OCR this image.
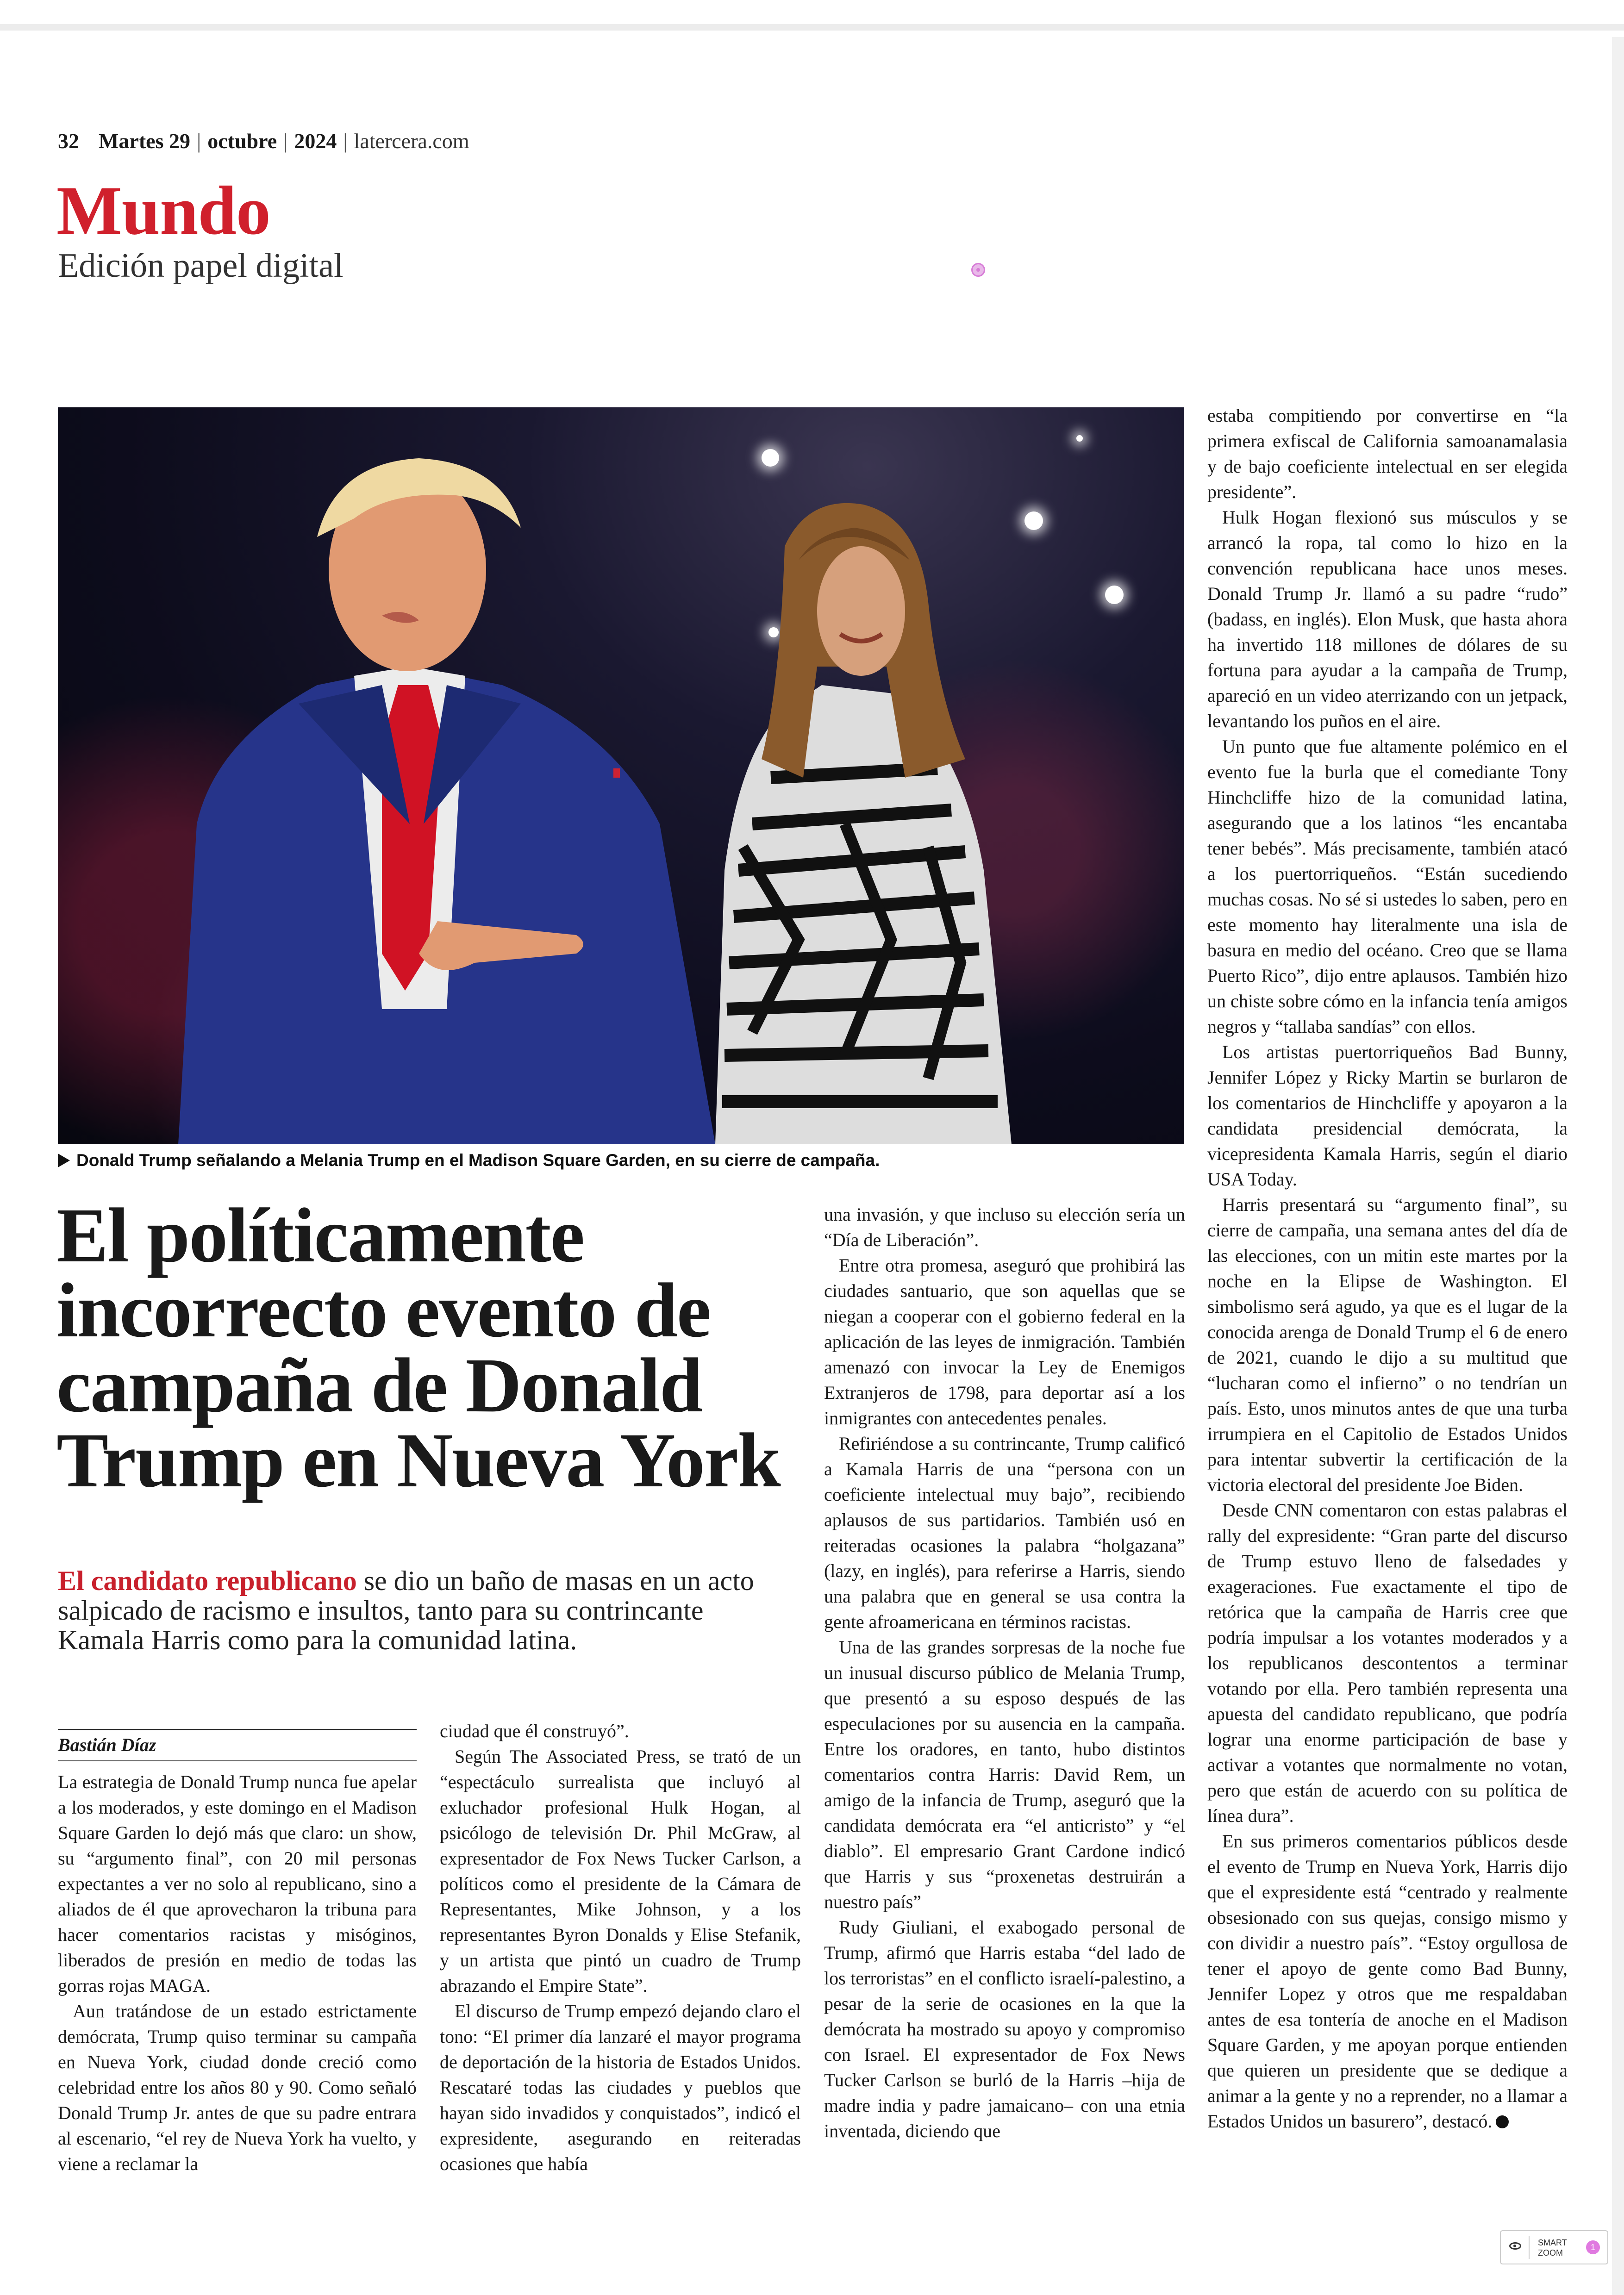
32 Martes 29 | octubre | 2024 | latercera.com
Mundo
Edición papel digital
Donald Trump señalando a Melania Trump en el Madison Square Garden, en su cierre de campaña.
El políticamente incorrecto evento de campaña de Donald Trump en Nueva York

El candidato republicano se dio un baño de masas en un acto salpicado de racismo e insultos, tanto para su contrincante Kamala Harris como para la comunidad latina.

Bastián Díaz

La estrategia de Donald Trump nunca fue apelar a los moderados, y este domingo en el Madison Square Garden lo dejó más que claro: un show, su “argumento final”, con 20 mil personas expectantes a ver no solo al republicano, sino a aliados de él que aprovecharon la tribuna para hacer comentarios racistas y misóginos, liberados de presión en medio de todas las gorras rojas MAGA.

Aun tratándose de un estado estrictamente demócrata, Trump quiso terminar su campaña en Nueva York, ciudad donde creció como celebridad entre los años 80 y 90. Como señaló Donald Trump Jr. antes de que su padre entrara al escenario, “el rey de Nueva York ha vuelto, y viene a reclamar la

ciudad que él construyó”.

Según The Associated Press, se trató de un “espectáculo surrealista que incluyó al exluchador profesional Hulk Hogan, al psicólogo de televisión Dr. Phil McGraw, al expresentador de Fox News Tucker Carlson, a políticos como el presidente de la Cámara de Representantes, Mike Johnson, y a los representantes Byron Donalds y Elise Stefanik, y un artista que pintó un cuadro de Trump abrazando el Empire State”.

El discurso de Trump empezó dejando claro el tono: “El primer día lanzaré el mayor programa de deportación de la historia de Estados Unidos. Rescataré todas las ciudades y pueblos que hayan sido invadidos y conquistados”, indicó el expresidente, asegurando en reiteradas ocasiones que había

una invasión, y que incluso su elección sería un “Día de Liberación”.

Entre otra promesa, aseguró que prohibirá las ciudades santuario, que son aquellas que se niegan a cooperar con el gobierno federal en la aplicación de las leyes de inmigración. También amenazó con invocar la Ley de Enemigos Extranjeros de 1798, para deportar así a los inmigrantes con antecedentes penales.

Refiriéndose a su contrincante, Trump calificó a Kamala Harris de una “persona con un coeficiente intelectual muy bajo”, recibiendo aplausos de sus partidarios. También usó en reiteradas ocasiones la palabra “holgazana” (lazy, en inglés), para referirse a Harris, siendo una palabra que en general se usa contra la gente afroamericana en términos racistas.

Una de las grandes sorpresas de la noche fue un inusual discurso público de Melania Trump, que presentó a su esposo después de las especulaciones por su ausencia en la campaña. Entre los oradores, en tanto, hubo distintos comentarios contra Harris: David Rem, un amigo de la infancia de Trump, aseguró que la candidata demócrata era “el anticristo” y “el diablo”. El empresario Grant Cardone indicó que Harris y sus “proxenetas destruirán a nuestro país”

Rudy Giuliani, el exabogado personal de Trump, afirmó que Harris estaba “del lado de los terroristas” en el conflicto israelí-palestino, a pesar de la serie de ocasiones en la que la demócrata ha mostrado su apoyo y compromiso con Israel. El expresentador de Fox News Tucker Carlson se burló de la Harris –hija de madre india y padre jamaicano– con una etnia inventada, diciendo que

estaba compitiendo por convertirse en “la primera exfiscal de California samoanamalasia y de bajo coeficiente intelectual en ser elegida presidente”.

Hulk Hogan flexionó sus músculos y se arrancó la ropa, tal como lo hizo en la convención republicana hace unos meses. Donald Trump Jr. llamó a su padre “rudo” (badass, en inglés). Elon Musk, que hasta ahora ha invertido 118 millones de dólares de su fortuna para ayudar a la campaña de Trump, apareció en un video aterrizando con un jetpack, levantando los puños en el aire.

Un punto que fue altamente polémico en el evento fue la burla que el comediante Tony Hinchcliffe hizo de la comunidad latina, asegurando que a los latinos “les encantaba tener bebés”. Más precisamente, también atacó a los puertorriqueños. “Están sucediendo muchas cosas. No sé si ustedes lo saben, pero en este momento hay literalmente una isla de basura en medio del océano. Creo que se llama Puerto Rico”, dijo entre aplausos. También hizo un chiste sobre cómo en la infancia tenía amigos negros y “tallaba sandías” con ellos.

Los artistas puertorriqueños Bad Bunny, Jennifer López y Ricky Martin se burlaron de los comentarios de Hinchcliffe y apoyaron a la candidata presidencial demócrata, la vicepresidenta Kamala Harris, según el diario USA Today.

Harris presentará su “argumento final”, su cierre de campaña, una semana antes del día de las elecciones, con un mitin este martes por la noche en la Elipse de Washington. El simbolismo será agudo, ya que es el lugar de la conocida arenga de Donald Trump el 6 de enero de 2021, cuando le dijo a su multitud que “lucharan como el infierno” o no tendrían un país. Esto, unos minutos antes de que una turba irrumpiera en el Capitolio de Estados Unidos para intentar subvertir la certificación de la victoria electoral del presidente Joe Biden.

Desde CNN comentaron con estas palabras el rally del expresidente: “Gran parte del discurso de Trump estuvo lleno de falsedades y exageraciones. Fue exactamente el tipo de retórica que la campaña de Harris cree que podría impulsar a los votantes moderados y a los republicanos descontentos a terminar votando por ella. Pero también representa una apuesta del candidato republicano, que podría lograr una enorme participación de base y activar a votantes que normalmente no votan, pero que están de acuerdo con su política de línea dura”.

En sus primeros comentarios públicos desde el evento de Trump en Nueva York, Harris dijo que el expresidente está “centrado y realmente obsesionado con sus quejas, consigo mismo y con dividir a nuestro país”. “Estoy orgullosa de tener el apoyo de gente como Bad Bunny, Jennifer Lopez y otros que me respaldaban antes de esa tontería de anoche en el Madison Square Garden, y me apoyan porque entienden que quieren un presidente que se dedique a animar a la gente y no a reprender, no a llamar a Estados Unidos un basurero”, destacó.

SMART ZOOM
1
